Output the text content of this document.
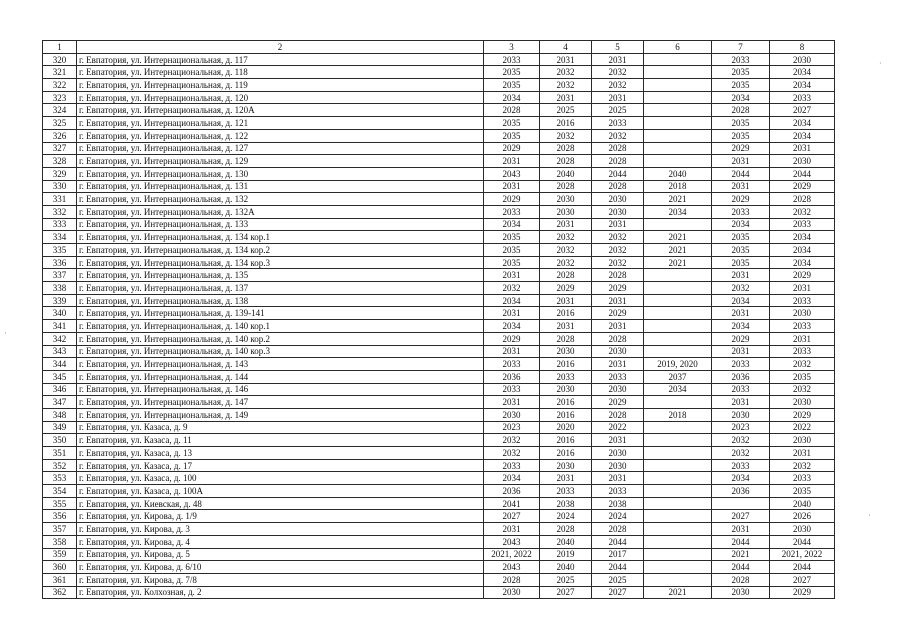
1	2	3	4	5	6	7	8
320	г. Евпатория, ул. Интернациональная, д. 117	2033	2031	2031		2033	2030
321	г. Евпатория, ул. Интернациональная, д. 118	2035	2032	2032		2035	2034
322	г. Евпатория, ул. Интернациональная, д. 119	2035	2032	2032		2035	2034
323	г. Евпатория, ул. Интернациональная, д. 120	2034	2031	2031		2034	2033
324	г. Евпатория, ул. Интернациональная, д. 120А	2028	2025	2025		2028	2027
325	г. Евпатория, ул. Интернациональная, д. 121	2035	2016	2033		2035	2034
326	г. Евпатория, ул. Интернациональная, д. 122	2035	2032	2032		2035	2034
327	г. Евпатория, ул. Интернациональная, д. 127	2029	2028	2028		2029	2031
328	г. Евпатория, ул. Интернациональная, д. 129	2031	2028	2028		2031	2030
329	г. Евпатория, ул. Интернациональная, д. 130	2043	2040	2044	2040	2044	2044
330	г. Евпатория, ул. Интернациональная, д. 131	2031	2028	2028	2018	2031	2029
331	г. Евпатория, ул. Интернациональная, д. 132	2029	2030	2030	2021	2029	2028
332	г. Евпатория, ул. Интернациональная, д. 132А	2033	2030	2030	2034	2033	2032
333	г. Евпатория, ул. Интернациональная, д. 133	2034	2031	2031		2034	2033
334	г. Евпатория, ул. Интернациональная, д. 134 кор.1	2035	2032	2032	2021	2035	2034
335	г. Евпатория, ул. Интернациональная, д. 134 кор.2	2035	2032	2032	2021	2035	2034
336	г. Евпатория, ул. Интернациональная, д. 134 кор.3	2035	2032	2032	2021	2035	2034
337	г. Евпатория, ул. Интернациональная, д. 135	2031	2028	2028		2031	2029
338	г. Евпатория, ул. Интернациональная, д. 137	2032	2029	2029		2032	2031
339	г. Евпатория, ул. Интернациональная, д. 138	2034	2031	2031		2034	2033
340	г. Евпатория, ул. Интернациональная, д. 139-141	2031	2016	2029		2031	2030
341	г. Евпатория, ул. Интернациональная, д. 140 кор.1	2034	2031	2031		2034	2033
342	г. Евпатория, ул. Интернациональная, д. 140 кор.2	2029	2028	2028		2029	2031
343	г. Евпатория, ул. Интернациональная, д. 140 кор.3	2031	2030	2030		2031	2033
344	г. Евпатория, ул. Интернациональная, д. 143	2033	2016	2031	2019, 2020	2033	2032
345	г. Евпатория, ул. Интернациональная, д. 144	2036	2033	2033	2037	2036	2035
346	г. Евпатория, ул. Интернациональная, д. 146	2033	2030	2030	2034	2033	2032
347	г. Евпатория, ул. Интернациональная, д. 147	2031	2016	2029		2031	2030
348	г. Евпатория, ул. Интернациональная, д. 149	2030	2016	2028	2018	2030	2029
349	г. Евпатория, ул. Казаса, д. 9	2023	2020	2022		2023	2022
350	г. Евпатория, ул. Казаса, д. 11	2032	2016	2031		2032	2030
351	г. Евпатория, ул. Казаса, д. 13	2032	2016	2030		2032	2031
352	г. Евпатория, ул. Казаса, д. 17	2033	2030	2030		2033	2032
353	г. Евпатория, ул. Казаса, д. 100	2034	2031	2031		2034	2033
354	г. Евпатория, ул. Казаса, д. 100А	2036	2033	2033		2036	2035
355	г. Евпатория, ул. Киевская, д. 48	2041	2038	2038			2040
356	г. Евпатория, ул. Кирова, д. 1/9	2027	2024	2024		2027	2026
357	г. Евпатория, ул. Кирова, д. 3	2031	2028	2028		2031	2030
358	г. Евпатория, ул. Кирова, д. 4	2043	2040	2044		2044	2044
359	г. Евпатория, ул. Кирова, д. 5	2021, 2022	2019	2017		2021	2021, 2022
360	г. Евпатория, ул. Кирова, д. 6/10	2043	2040	2044		2044	2044
361	г. Евпатория, ул. Кирова, д. 7/8	2028	2025	2025		2028	2027
362	г. Евпатория, ул. Колхозная, д. 2	2030	2027	2027	2021	2030	2029
·
·
·
